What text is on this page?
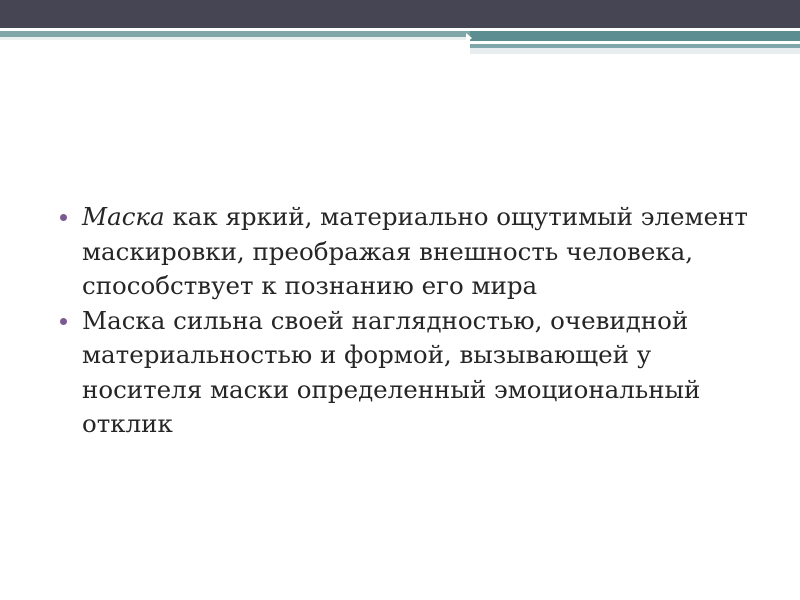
Маска как яркий, материально ощутимый элемент маскировки, преображая внешность человека, способствует к познанию его мира

Маска сильна своей наглядностью, очевидной материальностью и формой, вызывающей у носителя маски определенный эмоциональный отклик
